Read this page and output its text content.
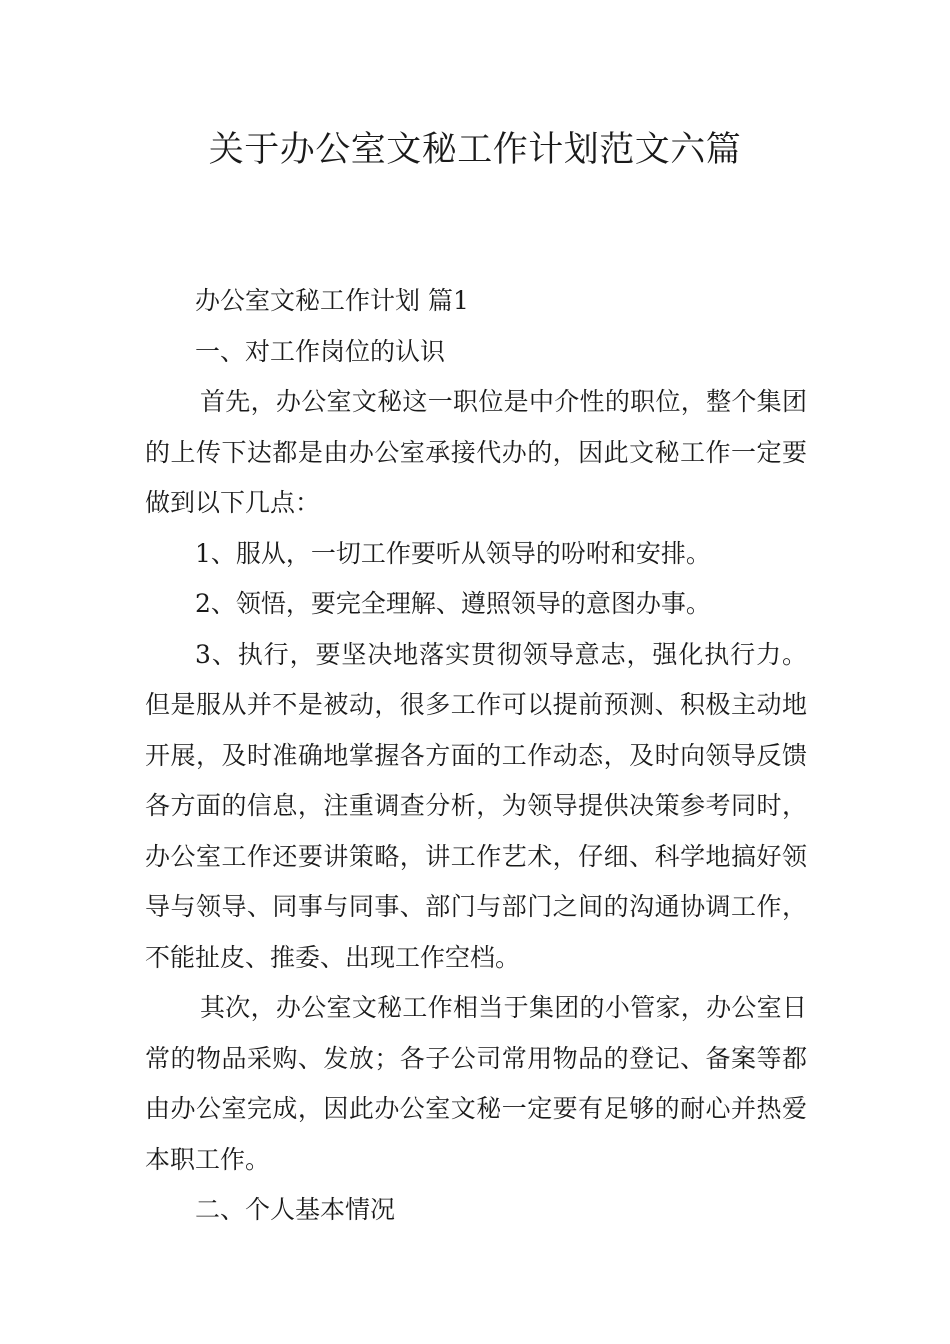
关于办公室文秘工作计划范文六篇

办公室文秘工作计划 篇1

一、对工作岗位的认识

首先，办公室文秘这一职位是中介性的职位，整个集团的上传下达都是由办公室承接代办的，因此文秘工作一定要做到以下几点：

1、服从，一切工作要听从领导的吩咐和安排。

2、领悟，要完全理解、遵照领导的意图办事。

3、执行，要坚决地落实贯彻领导意志，强化执行力。但是服从并不是被动，很多工作可以提前预测、积极主动地开展，及时准确地掌握各方面的工作动态，及时向领导反馈各方面的信息，注重调查分析，为领导提供决策参考同时，办公室工作还要讲策略，讲工作艺术，仔细、科学地搞好领导与领导、同事与同事、部门与部门之间的沟通协调工作，不能扯皮、推委、出现工作空档。

其次，办公室文秘工作相当于集团的小管家，办公室日常的物品采购、发放；各子公司常用物品的登记、备案等都由办公室完成，因此办公室文秘一定要有足够的耐心并热爱本职工作。

二、个人基本情况
